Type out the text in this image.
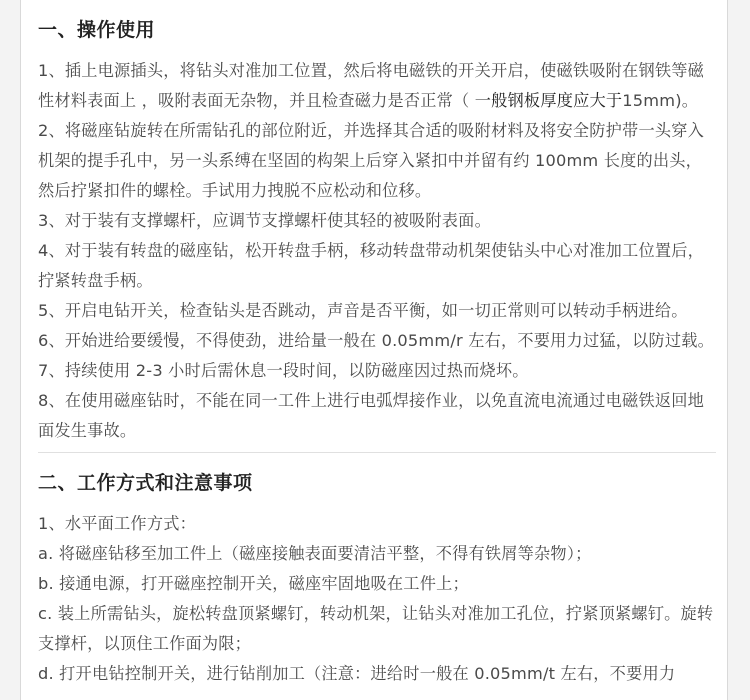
一、操作使用

1、插上电源插头，将钻头对准加工位置，然后将电磁铁的开关开启，使磁铁吸附在钢铁等磁性材料表面上 ，吸附表面无杂物，并且检查磁力是否正常（ 一般钢板厚度应大于15mm)。

2、将磁座钻旋转在所需钻孔的部位附近，并选择其合适的吸附材料及将安全防护带一头穿入机架的提手孔中，另一头系缚在坚固的构架上后穿入紧扣中并留有约 100mm 长度的出头，然后拧紧扣件的螺栓。手试用力拽脱不应松动和位移。

3、对于装有支撑螺杆，应调节支撑螺杆使其轻的被吸附表面。

4、对于装有转盘的磁座钻，松开转盘手柄，移动转盘带动机架使钻头中心对准加工位置后，拧紧转盘手柄。

5、开启电钻开关，检查钻头是否跳动，声音是否平衡，如一切正常则可以转动手柄进给。

6、开始进给要缓慢，不得使劲，进给量一般在 0.05mm/r 左右，不要用力过猛，以防过载。

7、持续使用 2-3 小时后需休息一段时间，以防磁座因过热而烧坏。

8、在使用磁座钻时，不能在同一工件上进行电弧焊接作业，以免直流电流通过电磁铁返回地面发生事故。

二、工作方式和注意事项

1、水平面工作方式：

a. 将磁座钻移至加工件上（磁座接触表面要清洁平整，不得有铁屑等杂物）；

b. 接通电源，打开磁座控制开关，磁座牢固地吸在工件上；

c. 装上所需钻头，旋松转盘顶紧螺钉，转动机架，让钻头对准加工孔位，拧紧顶紧螺钉。旋转支撑杆，以顶住工作面为限；

d. 打开电钻控制开关，进行钻削加工（注意：进给时一般在 0.05mm/t 左右，不要用力
